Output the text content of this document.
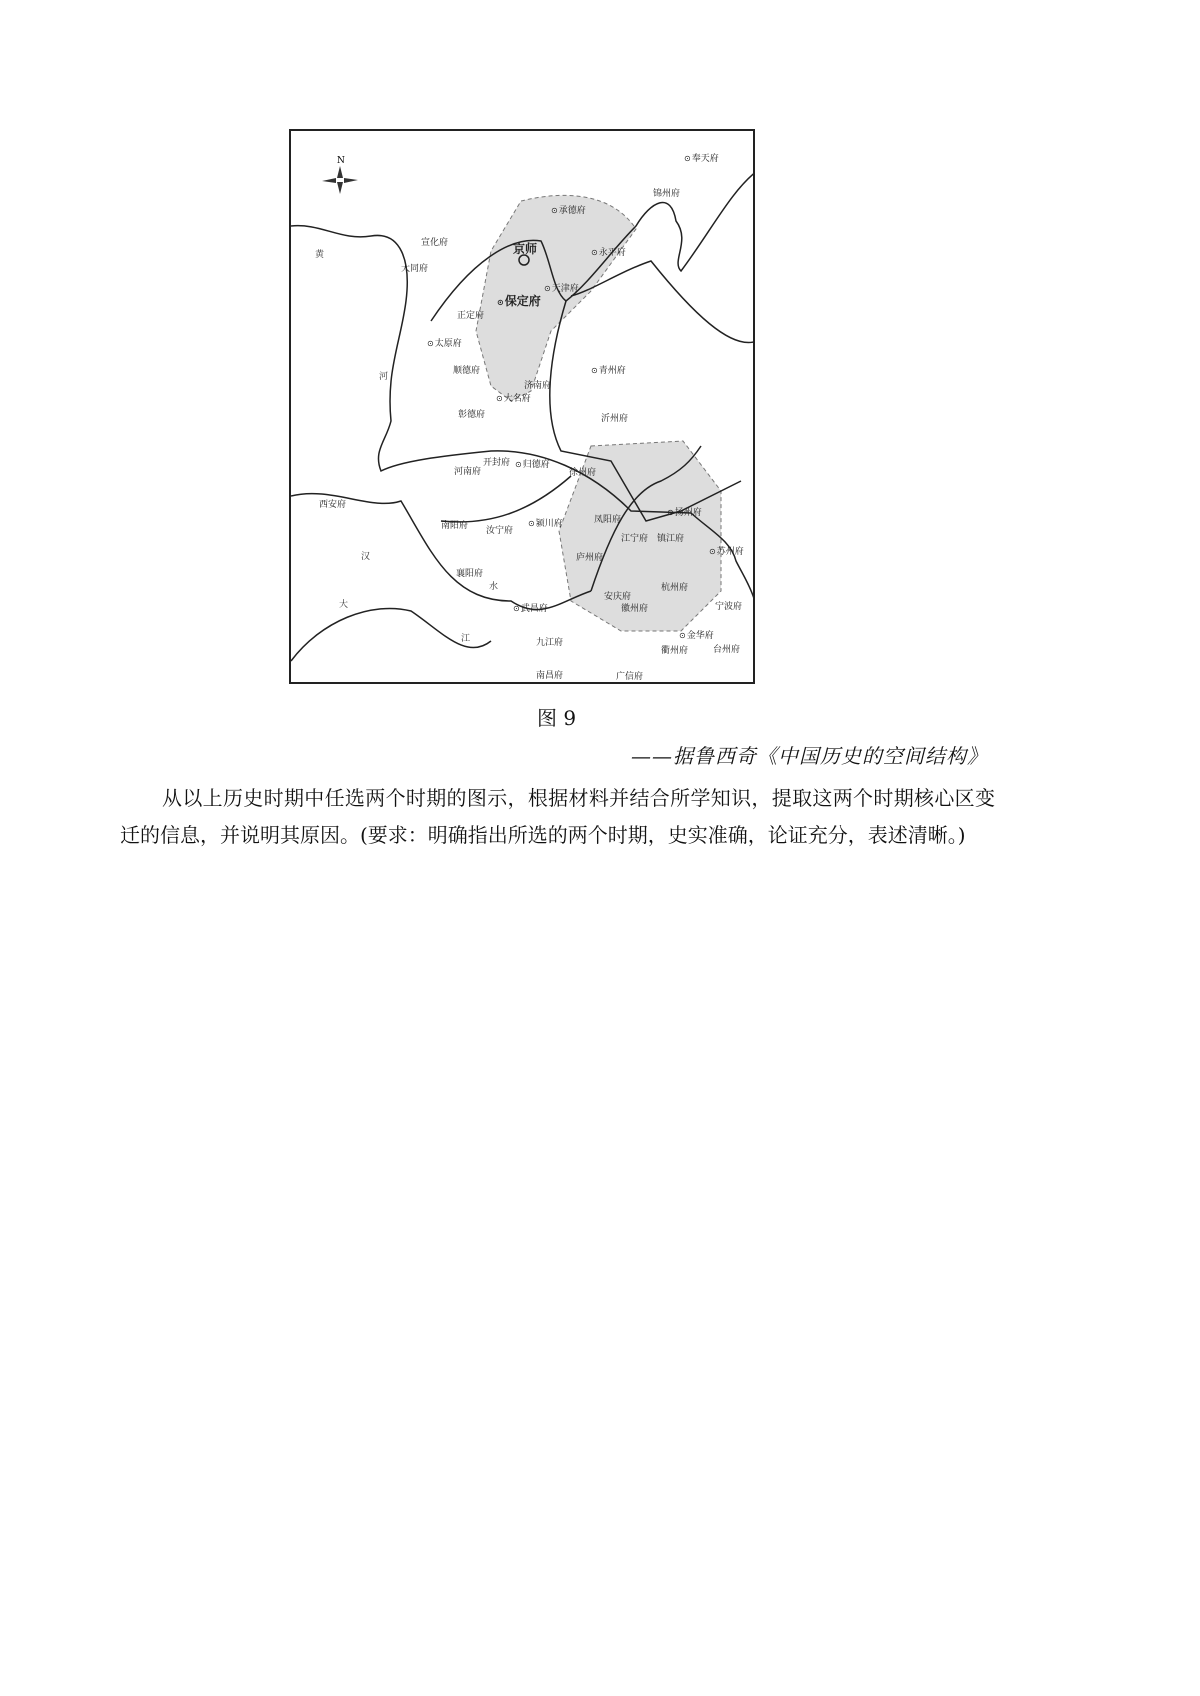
N	⊙ 奉天府
锦州府
⊙ 承德府
宣化府	京师	⊙ 永平府
大同府
⊙ 天津府
⊙ 保定府
正定府
⊙ 太原府
⊙ 青州府
顺德府
济南府
⊙ 大名府
彰德府	沂州府
开封府	⊙ 归德府
河南府	徐州府
西安府
凤阳府
⊙ 扬州府
南阳府	⊙ 颍川府
汝宁府
江宁府 镇江府
⊙ 苏州府
庐州府
襄阳府
杭州府
安庆府
宁波府
⊙ 武昌府	徽州府
⊙ 金华府
九江府
台州府
衢州府
南昌府	广信府
黄
河
汉
水
大
江
图 9
——据鲁西奇《中国历史的空间结构》
从以上历史时期中任选两个时期的图示，根据材料并结合所学知识，提取这两个时期核心区变迁的信息，并说明其原因。(要求：明确指出所选的两个时期，史实准确，论证充分，表述清晰。)
